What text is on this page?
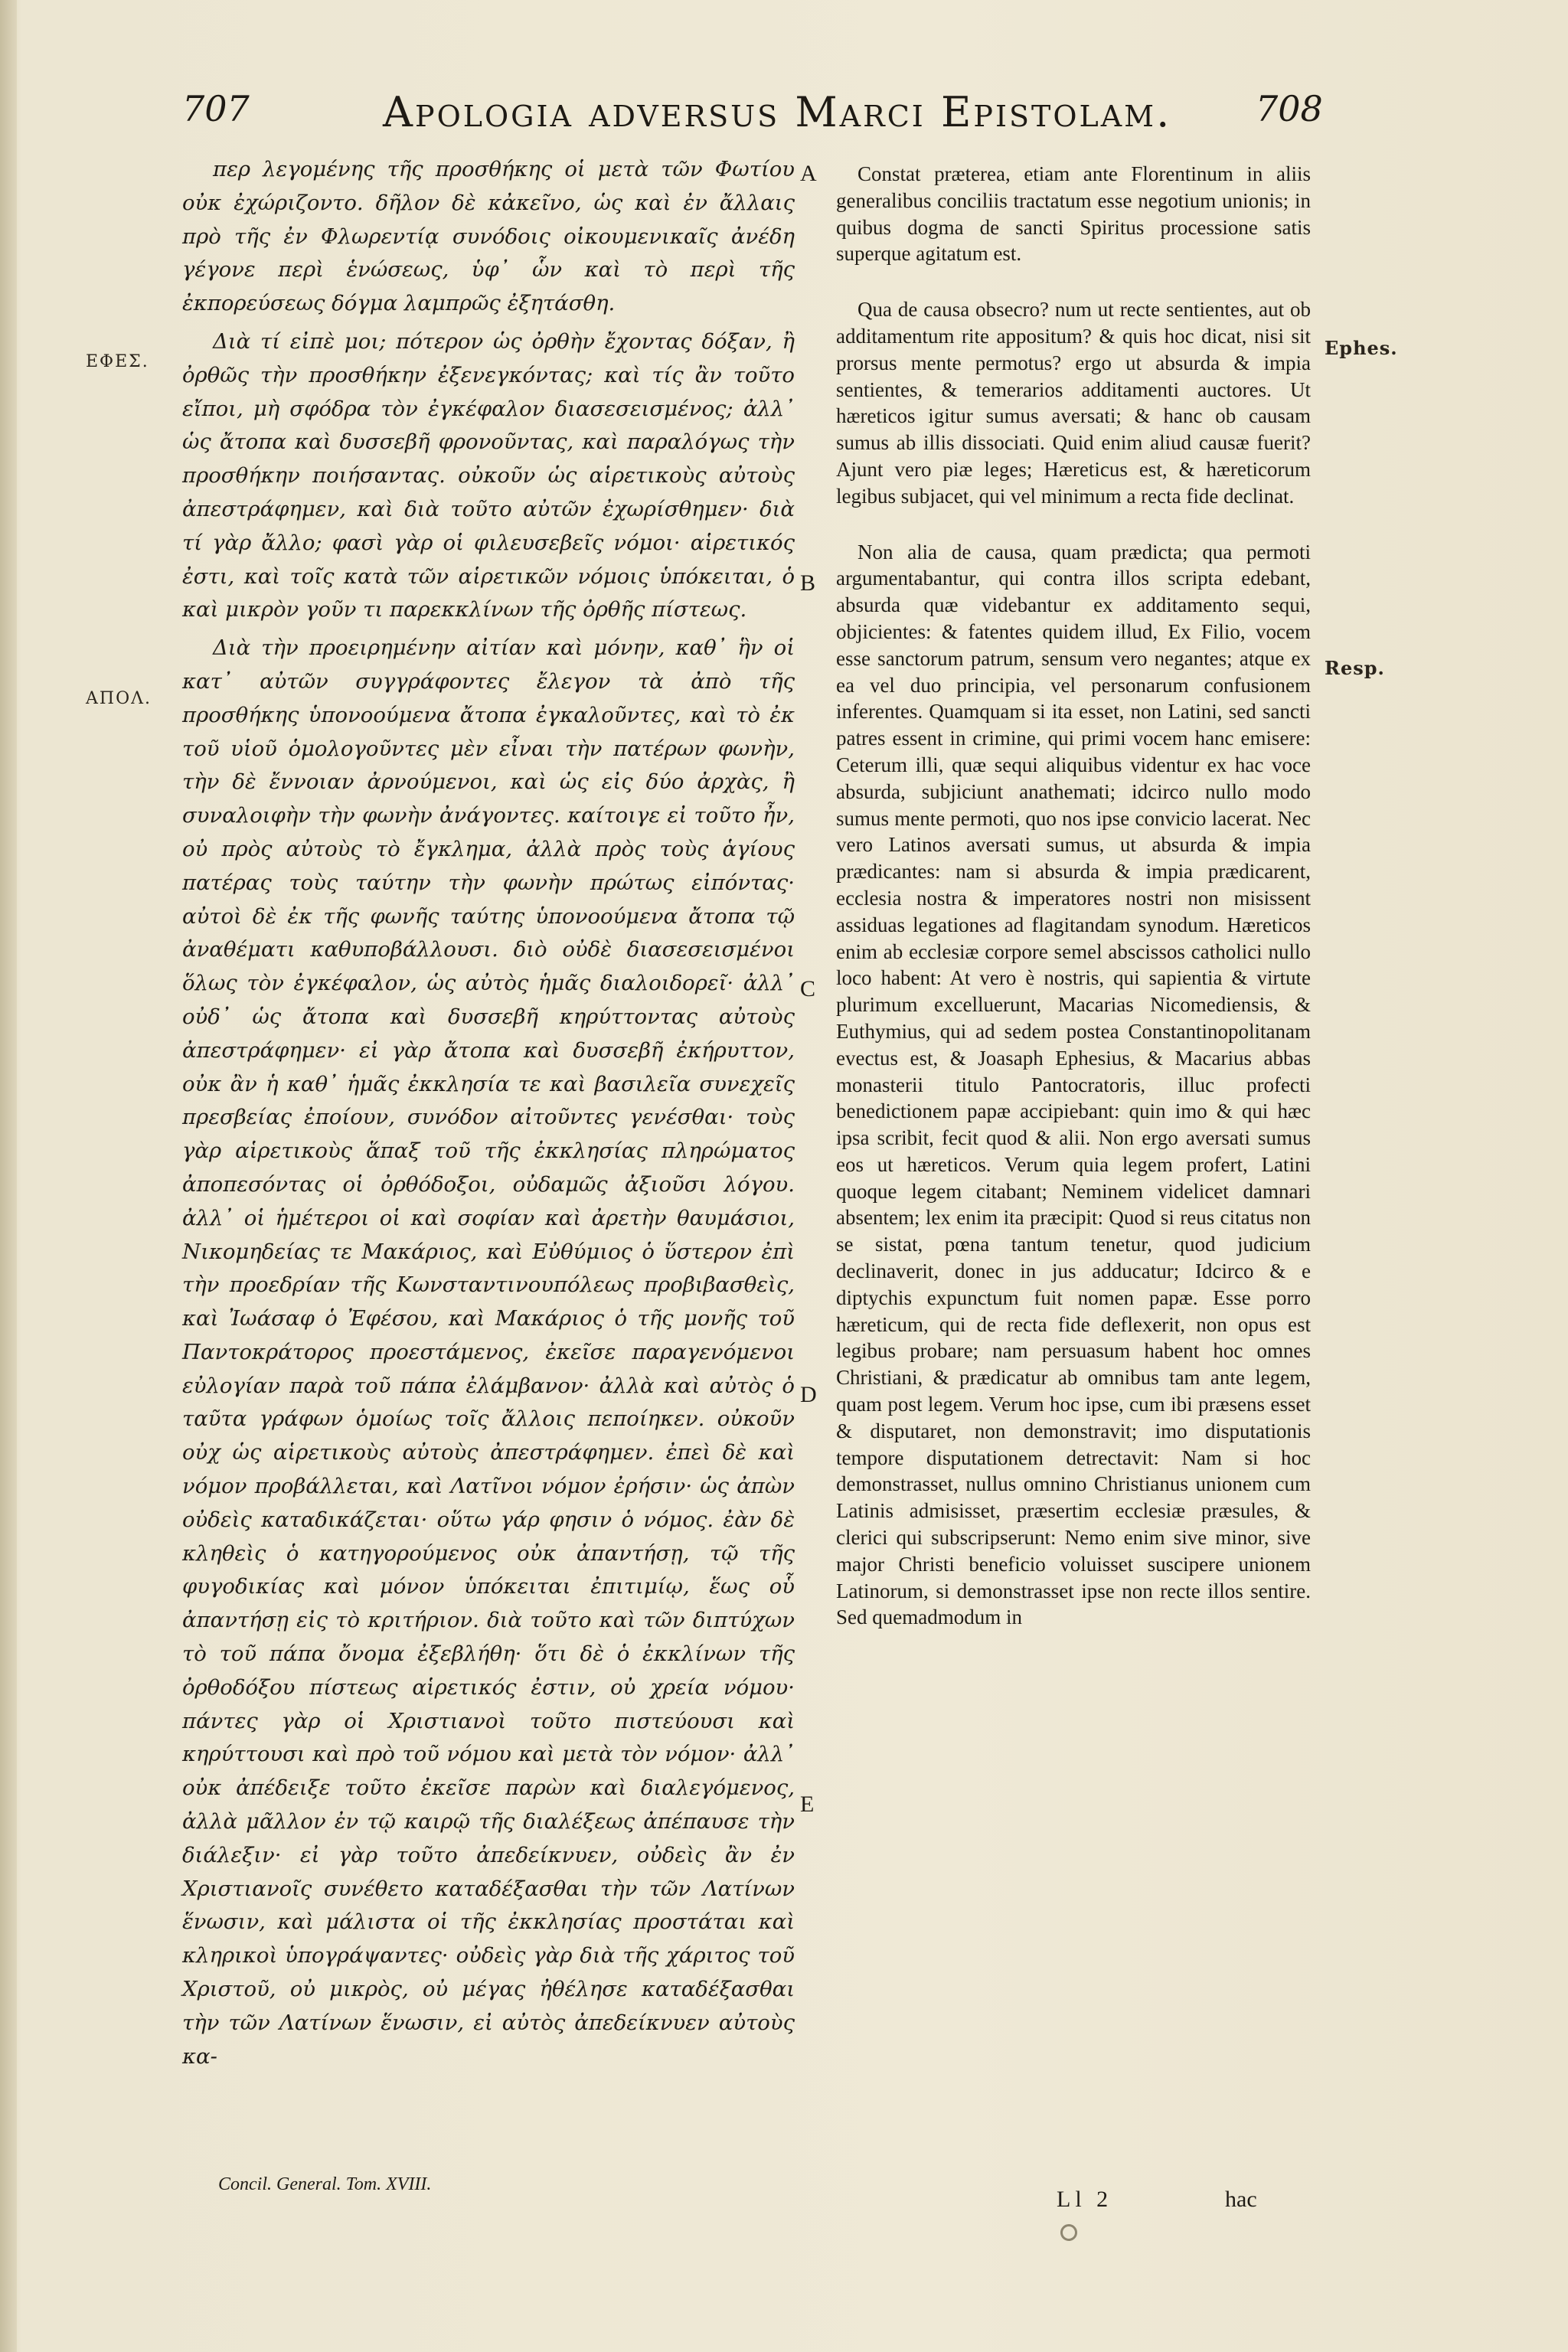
707	Apologia adversus Marci Epistolam. 708
ΕΦΕΣ.
ΑΠΟΛ.
A
B
C
D
E
Ephes.
Resp.

περ λεγομένης τῆς προσθήκης οἱ μετὰ τῶν Φωτίου οὐκ ἐχώριζοντο. δῆλον δὲ κἀκεῖνο, ὡς καὶ ἐν ἄλλαις πρὸ τῆς ἐν Φλωρεντίᾳ συνόδοις οἰκουμενικαῖς ἀνέδη γέγονε περὶ ἑνώσεως, ὑφ᾽ ὧν καὶ τὸ περὶ τῆς ἐκπορεύσεως δόγμα λαμπρῶς ἐξητάσθη.

Διὰ τί εἰπὲ μοι; πότερον ὡς ὀρθὴν ἔχοντας δόξαν, ἢ ὀρθῶς τὴν προσθήκην ἐξενεγκόντας; καὶ τίς ἂν τοῦτο εἴποι, μὴ σφόδρα τὸν ἐγκέφαλον διασεσεισμένος; ἀλλ᾽ ὡς ἄτοπα καὶ δυσσεβῆ φρονοῦντας, καὶ παραλόγως τὴν προσθήκην ποιήσαντας. οὐκοῦν ὡς αἱρετικοὺς αὐτοὺς ἀπεστράφημεν, καὶ διὰ τοῦτο αὐτῶν ἐχωρίσθημεν· διὰ τί γὰρ ἄλλο; φασὶ γὰρ οἱ φιλευσεβεῖς νόμοι· αἱρετικός ἐστι, καὶ τοῖς κατὰ τῶν αἱρετικῶν νόμοις ὑπόκειται, ὁ καὶ μικρὸν γοῦν τι παρεκκλίνων τῆς ὀρθῆς πίστεως.

Διὰ τὴν προειρημένην αἰτίαν καὶ μόνην, καθ᾽ ἣν οἱ κατ᾽ αὐτῶν συγγράφοντες ἔλεγον τὰ ἀπὸ τῆς προσθήκης ὑπονοούμενα ἄτοπα ἐγκαλοῦντες, καὶ τὸ ἐκ τοῦ υἱοῦ ὁμολογοῦντες μὲν εἶναι τὴν πατέρων φωνὴν, τὴν δὲ ἔννοιαν ἀρνούμενοι, καὶ ὡς εἰς δύο ἀρχὰς, ἢ συναλοιφὴν τὴν φωνὴν ἀνάγοντες. καίτοιγε εἰ τοῦτο ἦν, οὐ πρὸς αὐτοὺς τὸ ἔγκλημα, ἀλλὰ πρὸς τοὺς ἁγίους πατέρας τοὺς ταύτην τὴν φωνὴν πρώτως εἰπόντας· αὐτοὶ δὲ ἐκ τῆς φωνῆς ταύτης ὑπονοούμενα ἄτοπα τῷ ἀναθέματι καθυποβάλλουσι. διὸ οὐδὲ διασεσεισμένοι ὅλως τὸν ἐγκέφαλον, ὡς αὐτὸς ἡμᾶς διαλοιδορεῖ· ἀλλ᾽ οὐδ᾽ ὡς ἄτοπα καὶ δυσσεβῆ κηρύττοντας αὐτοὺς ἀπεστράφημεν· εἰ γὰρ ἄτοπα καὶ δυσσεβῆ ἐκήρυττον, οὐκ ἂν ἡ καθ᾽ ἡμᾶς ἐκκλησία τε καὶ βασιλεῖα συνεχεῖς πρεσβείας ἐποίουν, συνόδον αἰτοῦντες γενέσθαι· τοὺς γὰρ αἱρετικοὺς ἅπαξ τοῦ τῆς ἐκκλησίας πληρώματος ἀποπεσόντας οἱ ὀρθόδοξοι, οὐδαμῶς ἀξιοῦσι λόγου. ἀλλ᾽ οἱ ἡμέτεροι οἱ καὶ σοφίαν καὶ ἀρετὴν θαυμάσιοι, Νικομηδείας τε Μακάριος, καὶ Εὐθύμιος ὁ ὕστερον ἐπὶ τὴν προεδρίαν τῆς Κωνσταντινουπόλεως προβιβασθεὶς, καὶ Ἰωάσαφ ὁ Ἐφέσου, καὶ Μακάριος ὁ τῆς μονῆς τοῦ Παντοκράτορος προεστάμενος, ἐκεῖσε παραγενόμενοι εὐλογίαν παρὰ τοῦ πάπα ἐλάμβανον· ἀλλὰ καὶ αὐτὸς ὁ ταῦτα γράφων ὁμοίως τοῖς ἄλλοις πεποίηκεν. οὐκοῦν οὐχ ὡς αἱρετικοὺς αὐτοὺς ἀπεστράφημεν. ἐπεὶ δὲ καὶ νόμον προβάλλεται, καὶ Λατῖνοι νόμον ἐρήσιν· ὡς ἀπὼν οὐδεὶς καταδικάζεται· οὕτω γάρ φησιν ὁ νόμος. ἐὰν δὲ κληθεὶς ὁ κατηγορούμενος οὐκ ἀπαντήσῃ, τῷ τῆς φυγοδικίας καὶ μόνον ὑπόκειται ἐπιτιμίῳ, ἕως οὗ ἀπαντήσῃ εἰς τὸ κριτήριον. διὰ τοῦτο καὶ τῶν διπτύχων τὸ τοῦ πάπα ὄνομα ἐξεβλήθη· ὅτι δὲ ὁ ἐκκλίνων τῆς ὀρθοδόξου πίστεως αἱρετικός ἐστιν, οὐ χρεία νόμου· πάντες γὰρ οἱ Χριστιανοὶ τοῦτο πιστεύουσι καὶ κηρύττουσι καὶ πρὸ τοῦ νόμου καὶ μετὰ τὸν νόμον· ἀλλ᾽ οὐκ ἀπέδειξε τοῦτο ἐκεῖσε παρὼν καὶ διαλεγόμενος, ἀλλὰ μᾶλλον ἐν τῷ καιρῷ τῆς διαλέξεως ἀπέπαυσε τὴν διάλεξιν· εἰ γὰρ τοῦτο ἀπεδείκνυεν, οὐδεὶς ἂν ἐν Χριστιανοῖς συνέθετο καταδέξασθαι τὴν τῶν Λατίνων ἕνωσιν, καὶ μάλιστα οἱ τῆς ἐκκλησίας προστάται καὶ κληρικοὶ ὑπογράψαντες· οὐδεὶς γὰρ διὰ τῆς χάριτος τοῦ Χριστοῦ, οὐ μικρὸς, οὐ μέγας ἠθέλησε καταδέξασθαι τὴν τῶν Λατίνων ἕνωσιν, εἰ αὐτὸς ἀπεδείκνυεν αὐτοὺς κα-

Constat præterea, etiam ante Florentinum in aliis generalibus conciliis tractatum esse negotium unionis; in quibus dogma de sancti Spiritus processione satis superque agitatum est.

Qua de causa obsecro? num ut recte sentientes, aut ob additamentum rite appositum? & quis hoc dicat, nisi sit prorsus mente permotus? ergo ut absurda & impia sentientes, & temerarios additamenti auctores. Ut hæreticos igitur sumus aversati; & hanc ob causam sumus ab illis dissociati. Quid enim aliud causæ fuerit? Ajunt vero piæ leges; Hæreticus est, & hæreticorum legibus subjacet, qui vel minimum a recta fide declinat.

Non alia de causa, quam prædicta; qua permoti argumentabantur, qui contra illos scripta edebant, absurda quæ videbantur ex additamento sequi, objicientes: & fatentes quidem illud, Ex Filio, vocem esse sanctorum patrum, sensum vero negantes; atque ex ea vel duo principia, vel personarum confusionem inferentes. Quamquam si ita esset, non Latini, sed sancti patres essent in crimine, qui primi vocem hanc emisere: Ceterum illi, quæ sequi aliquibus videntur ex hac voce absurda, subjiciunt anathemati; idcirco nullo modo sumus mente permoti, quo nos ipse convicio lacerat. Nec vero Latinos aversati sumus, ut absurda & impia prædicantes: nam si absurda & impia prædicarent, ecclesia nostra & imperatores nostri non misissent assiduas legationes ad flagitandam synodum. Hæreticos enim ab ecclesiæ corpore semel abscissos catholici nullo loco habent: At vero è nostris, qui sapientia & virtute plurimum excelluerunt, Macarias Nicomediensis, & Euthymius, qui ad sedem postea Constantinopolitanam evectus est, & Joasaph Ephesius, & Macarius abbas monasterii titulo Pantocratoris, illuc profecti benedictionem papæ accipiebant: quin imo & qui hæc ipsa scribit, fecit quod & alii. Non ergo aversati sumus eos ut hæreticos. Verum quia legem profert, Latini quoque legem citabant; Neminem videlicet damnari absentem; lex enim ita præcipit: Quod si reus citatus non se sistat, pœna tantum tenetur, quod judicium declinaverit, donec in jus adducatur; Idcirco & e diptychis expunctum fuit nomen papæ. Esse porro hæreticum, qui de recta fide deflexerit, non opus est legibus probare; nam persuasum habent hoc omnes Christiani, & prædicatur ab omnibus tam ante legem, quam post legem. Verum hoc ipse, cum ibi præsens esset & disputaret, non demonstravit; imo disputationis tempore disputationem detrectavit: Nam si hoc demonstrasset, nullus omnino Christianus unionem cum Latinis admisisset, præsertim ecclesiæ præsules, & clerici qui subscripserunt: Nemo enim sive minor, sive major Christi beneficio voluisset suscipere unionem Latinorum, si demonstrasset ipse non recte illos sentire. Sed quemadmodum in

Concil. General. Tom. XVIII.
Ll 2	hac
